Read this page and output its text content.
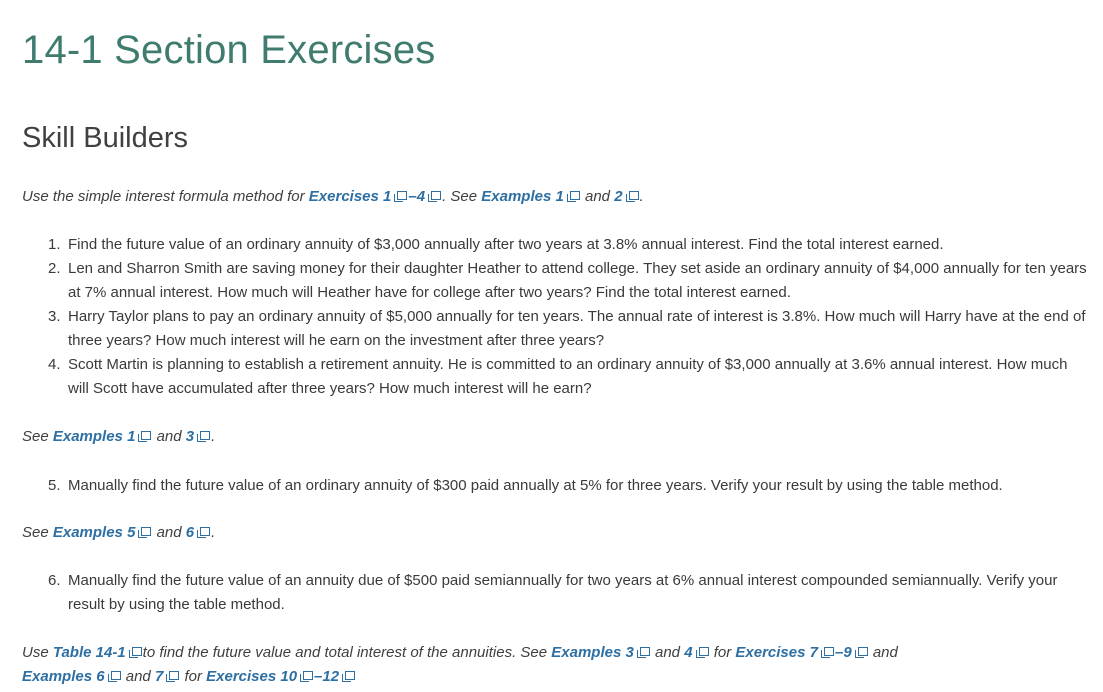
14-1 Section Exercises
Skill Builders

Use the simple interest formula method for Exercises 1 –4 . See Examples 1 and 2 .

1. Find the future value of an ordinary annuity of $3,000 annually after two years at 3.8% annual interest. Find the total interest earned.
2. Len and Sharron Smith are saving money for their daughter Heather to attend college. They set aside an ordinary annuity of $4,000 annually for ten years at 7% annual interest. How much will Heather have for college after two years? Find the total interest earned.
3. Harry Taylor plans to pay an ordinary annuity of $5,000 annually for ten years. The annual rate of interest is 3.8%. How much will Harry have at the end of three years? How much interest will he earn on the investment after three years?
4. Scott Martin is planning to establish a retirement annuity. He is committed to an ordinary annuity of $3,000 annually at 3.6% annual interest. How much will Scott have accumulated after three years? How much interest will he earn?

See Examples 1 and 3 .

5. Manually find the future value of an ordinary annuity of $300 paid annually at 5% for three years. Verify your result by using the table method.

See Examples 5 and 6 .

6. Manually find the future value of an annuity due of $500 paid semiannually for two years at 6% annual interest compounded semiannually. Verify your result by using the table method.

Use Table 14-1 to find the future value and total interest of the annuities. See Examples 3 and 4 for Exercises 7 –9 and
Examples 6 and 7 for Exercises 10 –12
